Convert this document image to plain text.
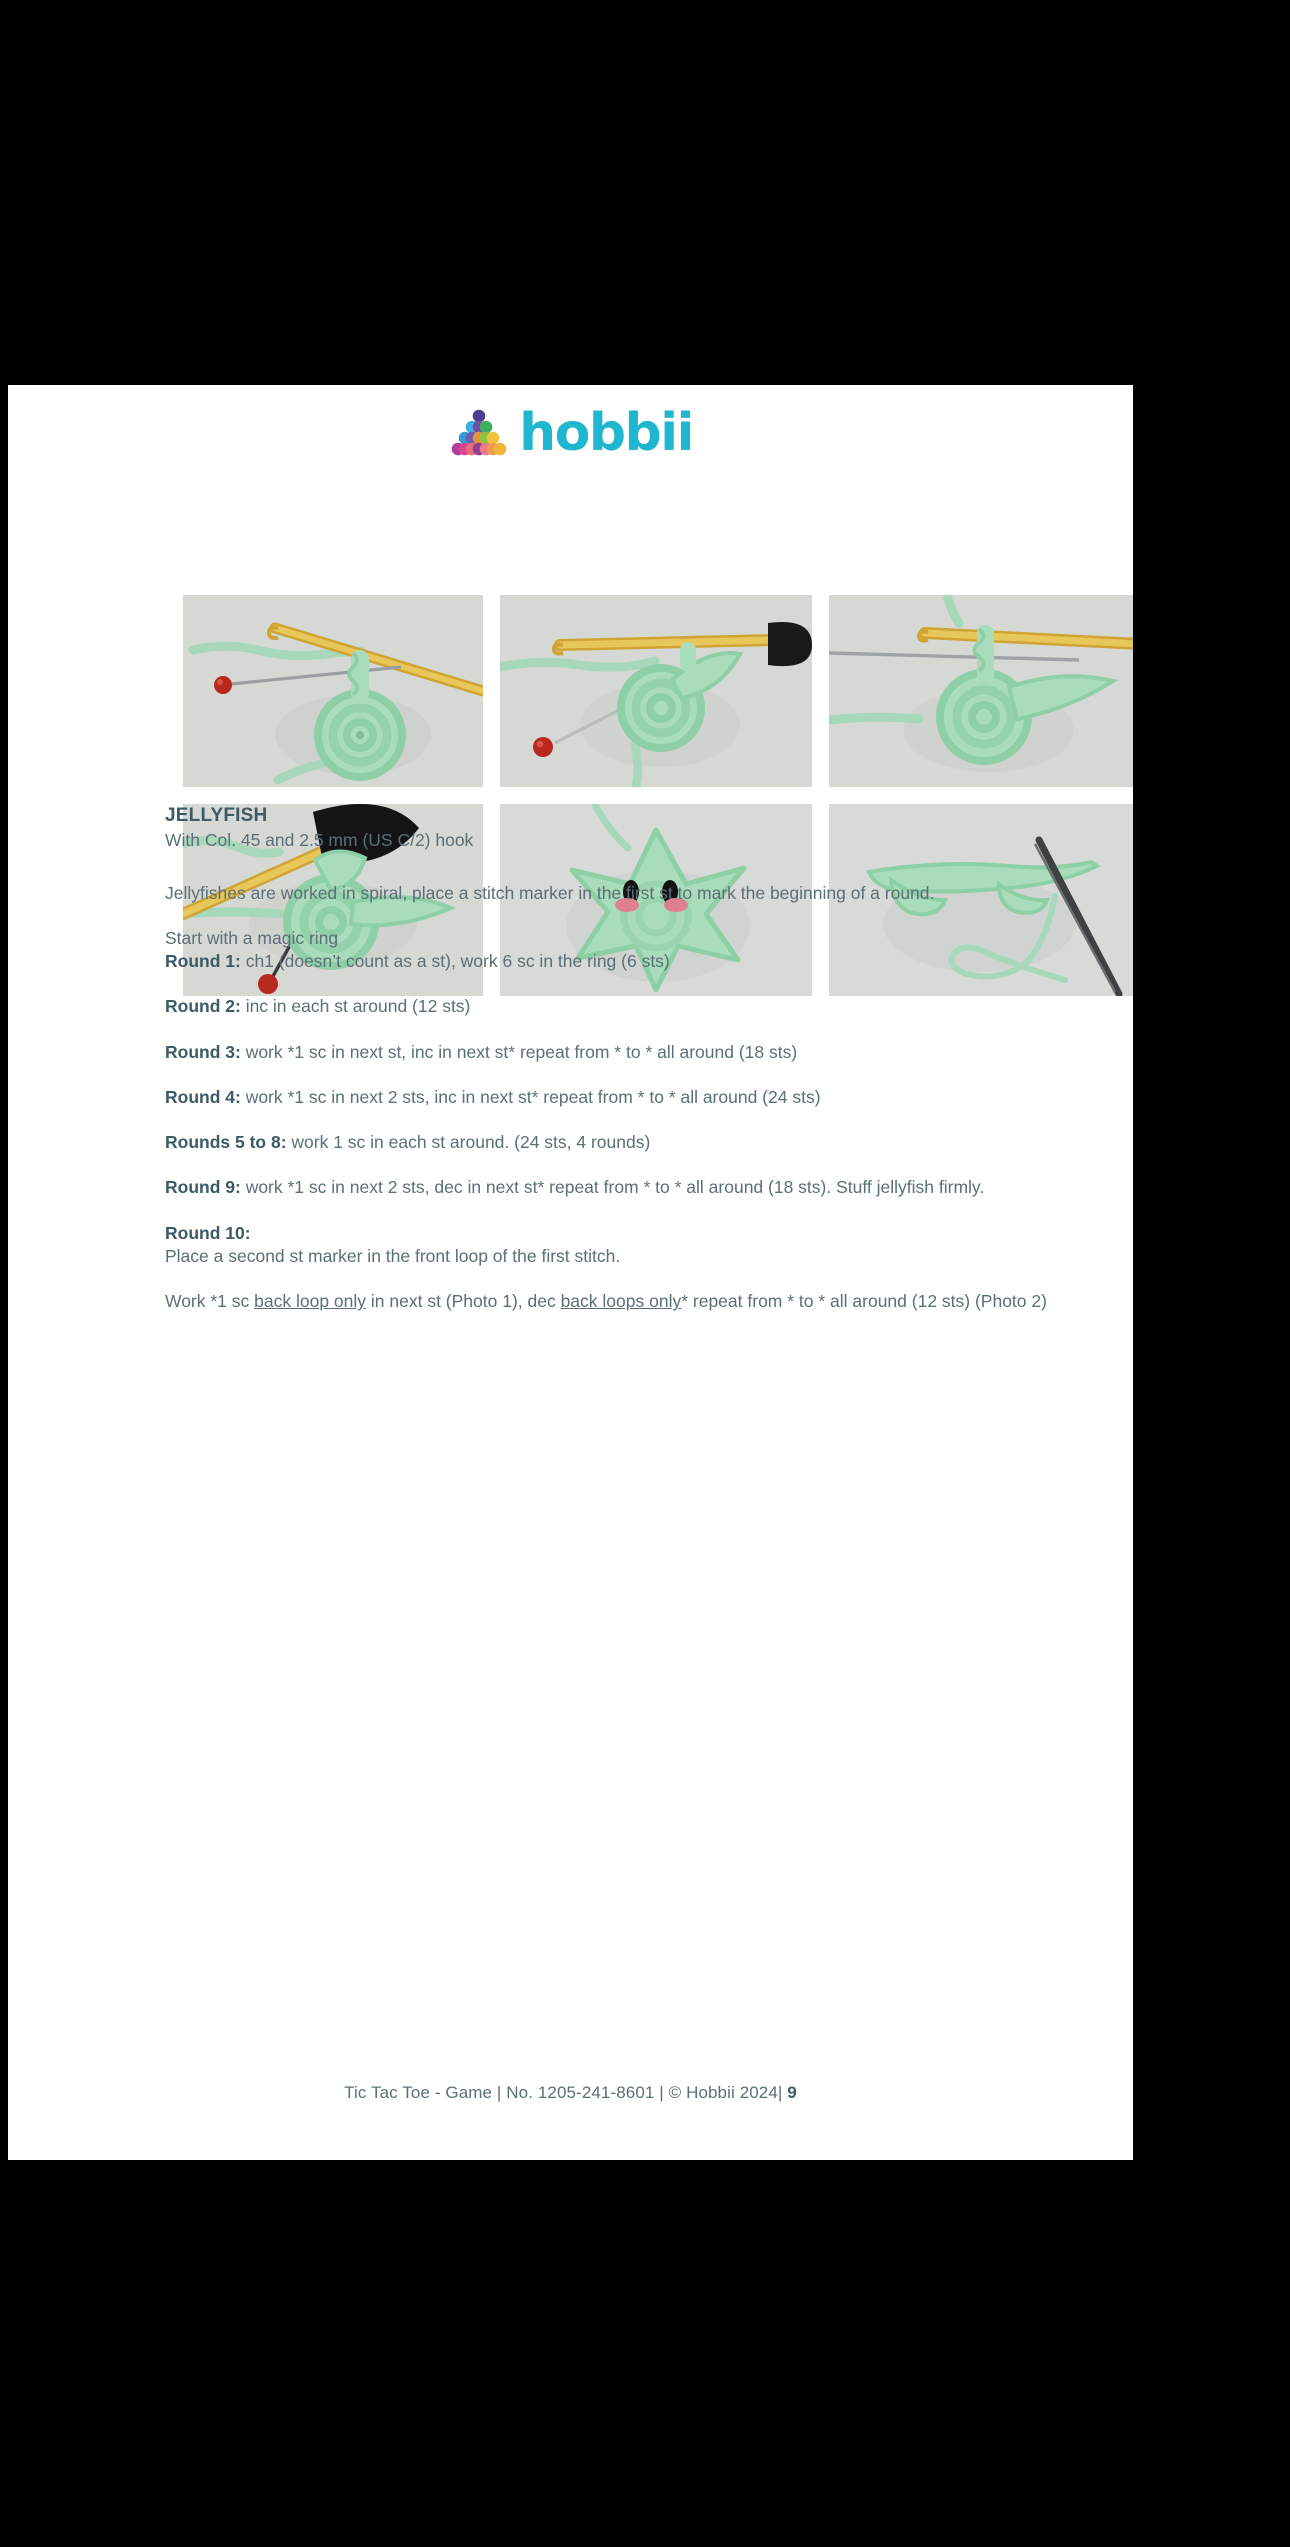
hobbii
JELLYFISH

With Col. 45 and 2.5 mm (US C/2) hook

Jellyfishes are worked in spiral, place a stitch marker in the first st to mark the beginning of a round.

Start with a magic ring

Round 1: ch1 (doesn’t count as a st), work 6 sc in the ring (6 sts)

Round 2: inc in each st around (12 sts)

Round 3: work *1 sc in next st, inc in next st* repeat from * to * all around (18 sts)

Round 4: work *1 sc in next 2 sts, inc in next st* repeat from * to * all around (24 sts)

Rounds 5 to 8: work 1 sc in each st around. (24 sts, 4 rounds)

Round 9: work *1 sc in next 2 sts, dec in next st* repeat from * to * all around (18 sts). Stuff jellyfish firmly.

Round 10:

Place a second st marker in the front loop of the first stitch.

Work *1 sc back loop only in next st (Photo 1), dec back loops only* repeat from * to * all around (12 sts) (Photo 2)

Tic Tac Toe - Game | No. 1205-241-8601 | © Hobbii 2024| 9
